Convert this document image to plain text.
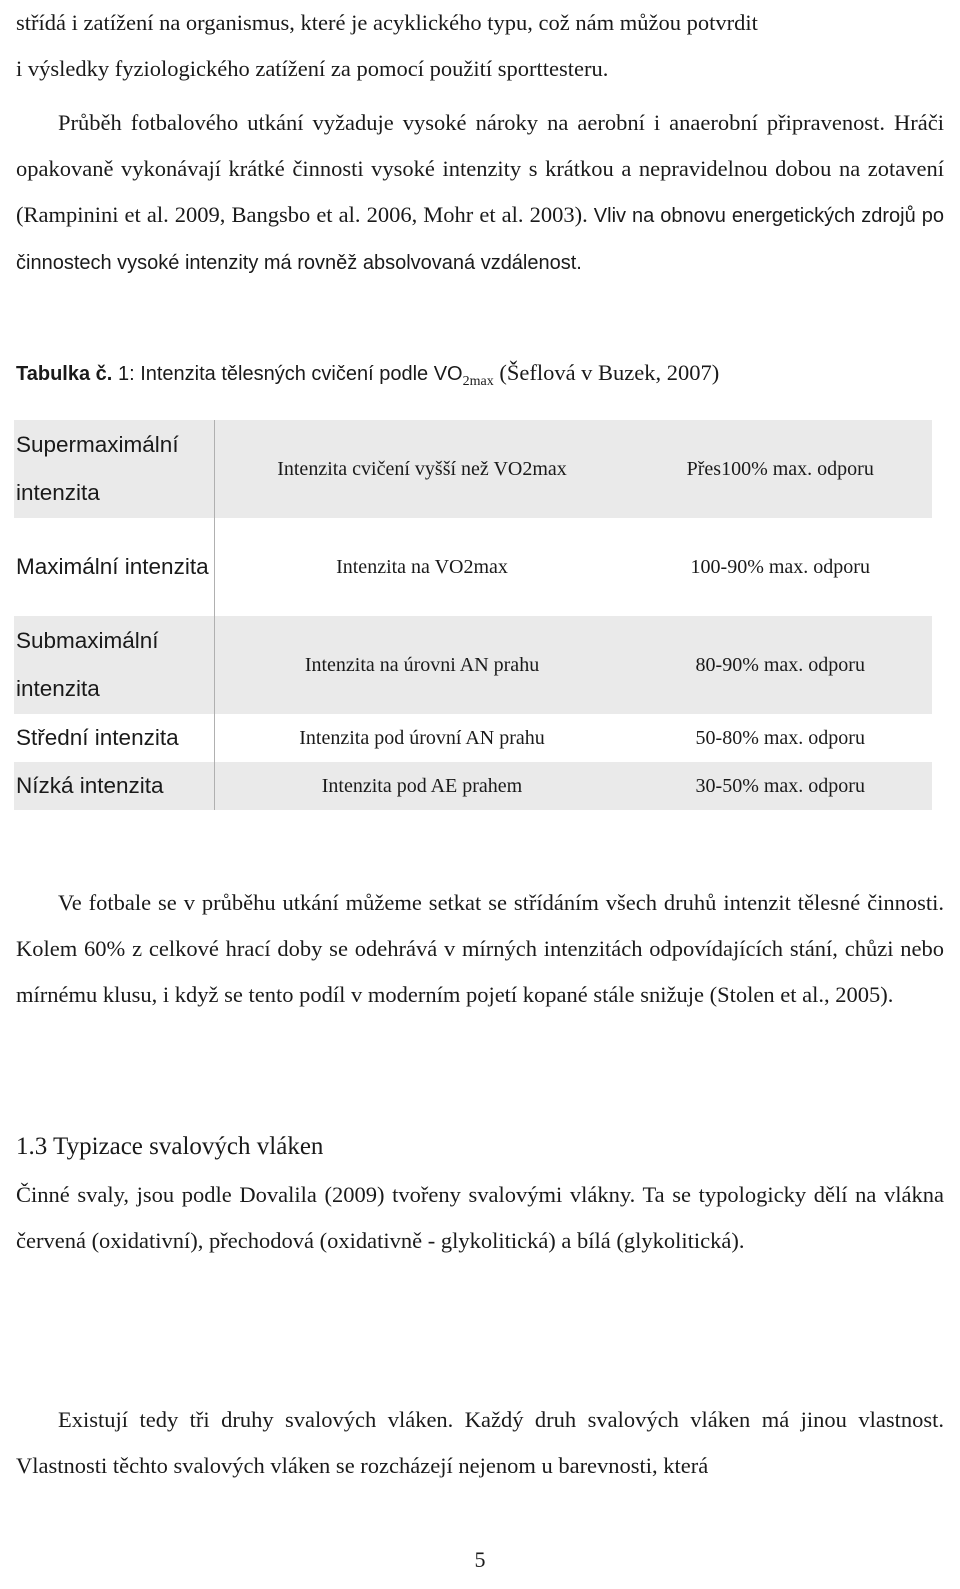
střídá i zatížení na organismus, které je acyklického typu, což nám můžou potvrdit
i výsledky fyziologického zatížení za pomocí použití sporttesteru.

Průběh fotbalového utkání vyžaduje vysoké nároky na aerobní i anaerobní připravenost. Hráči opakovaně vykonávají krátké činnosti vysoké intenzity s krátkou a nepravidelnou dobou na zotavení (Rampinini et al. 2009, Bangsbo et al. 2006, Mohr et al. 2003). Vliv na obnovu energetických zdrojů po činnostech vysoké intenzity má rovněž absolvovaná vzdálenost.

Tabulka č. 1: Intenzita tělesných cvičení podle $VO_{2max}$ (Šeflová v Buzek, 2007)

Supermaximální intenzita	Intenzita cvičení vyšší než VO2max	Přes100% max. odporu
Maximální intenzita	Intenzita na VO2max	100-90% max. odporu
Submaximální intenzita	Intenzita na úrovni AN prahu	80-90% max. odporu
Střední intenzita	Intenzita pod úrovní AN prahu	50-80% max. odporu
Nízká intenzita	Intenzita pod AE prahem	30-50% max. odporu

Ve fotbale se v průběhu utkání můžeme setkat se střídáním všech druhů intenzit tělesné činnosti. Kolem 60% z celkové hrací doby se odehrává v mírných intenzitách odpovídajících stání, chůzi nebo mírnému klusu, i když se tento podíl v moderním pojetí kopané stále snižuje (Stolen et al., 2005).

1.3 Typizace svalových vláken

Činné svaly, jsou podle Dovalila (2009) tvořeny svalovými vlákny. Ta se typologicky dělí na vlákna červená (oxidativní), přechodová (oxidativně - glykolitická) a bílá (glykolitická).

Existují tedy tři druhy svalových vláken. Každý druh svalových vláken má jinou vlastnost. Vlastnosti těchto svalových vláken se rozcházejí nejenom u barevnosti, která

5
